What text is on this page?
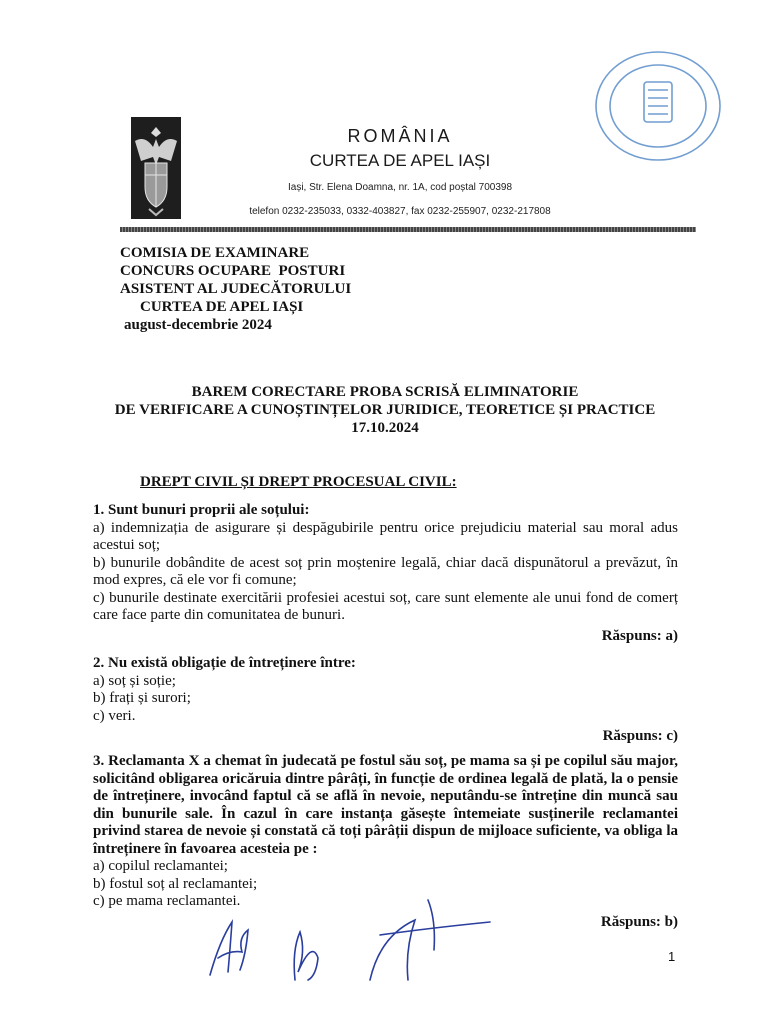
ROMÂNIA
CURTEA DE APEL IAȘI
Iași, Str. Elena Doamna, nr. 1A, cod poștal 700398
telefon 0232-235033, 0332-403827, fax 0232-255907, 0232-217808
COMISIA DE EXAMINARE
CONCURS OCUPARE  POSTURI
ASISTENT AL JUDECĂTORULUI
CURTEA DE APEL IAȘI
august-decembrie 2024
BAREM CORECTARE PROBA SCRISĂ ELIMINATORIE
DE VERIFICARE A CUNOȘTINȚELOR JURIDICE, TEORETICE ȘI PRACTICE
17.10.2024
DREPT CIVIL ȘI DREPT PROCESUAL CIVIL:

1. Sunt bunuri proprii ale soțului:

a) indemnizația de asigurare și despăgubirile pentru orice prejudiciu material sau moral adus acestui soț;

b) bunurile dobândite de acest soț prin moștenire legală, chiar dacă dispunătorul a prevăzut, în mod expres, că ele vor fi comune;

c) bunurile destinate exercitării profesiei acestui soț, care sunt elemente ale unui fond de comerț care face parte din comunitatea de bunuri.

Răspuns: a)

2. Nu există obligație de întreținere între:

a) soț și soție;

b) frați și surori;

c) veri.

Răspuns: c)

3. Reclamanta X a chemat în judecată pe fostul său soț, pe mama sa și pe copilul său major, solicitând obligarea oricăruia dintre pârâți, în funcție de ordinea legală de plată, la o pensie de întreținere, invocând faptul că se află în nevoie, neputându-se întreține din muncă sau din bunurile sale. În cazul în care instanța găsește întemeiate susținerile reclamantei privind starea de nevoie și constată că toți pârâții dispun de mijloace suficiente, va obliga la întreținere în favoarea acesteia pe :

a) copilul reclamantei;

b) fostul soț al reclamantei;

c) pe mama reclamantei.

Răspuns: b)

1
